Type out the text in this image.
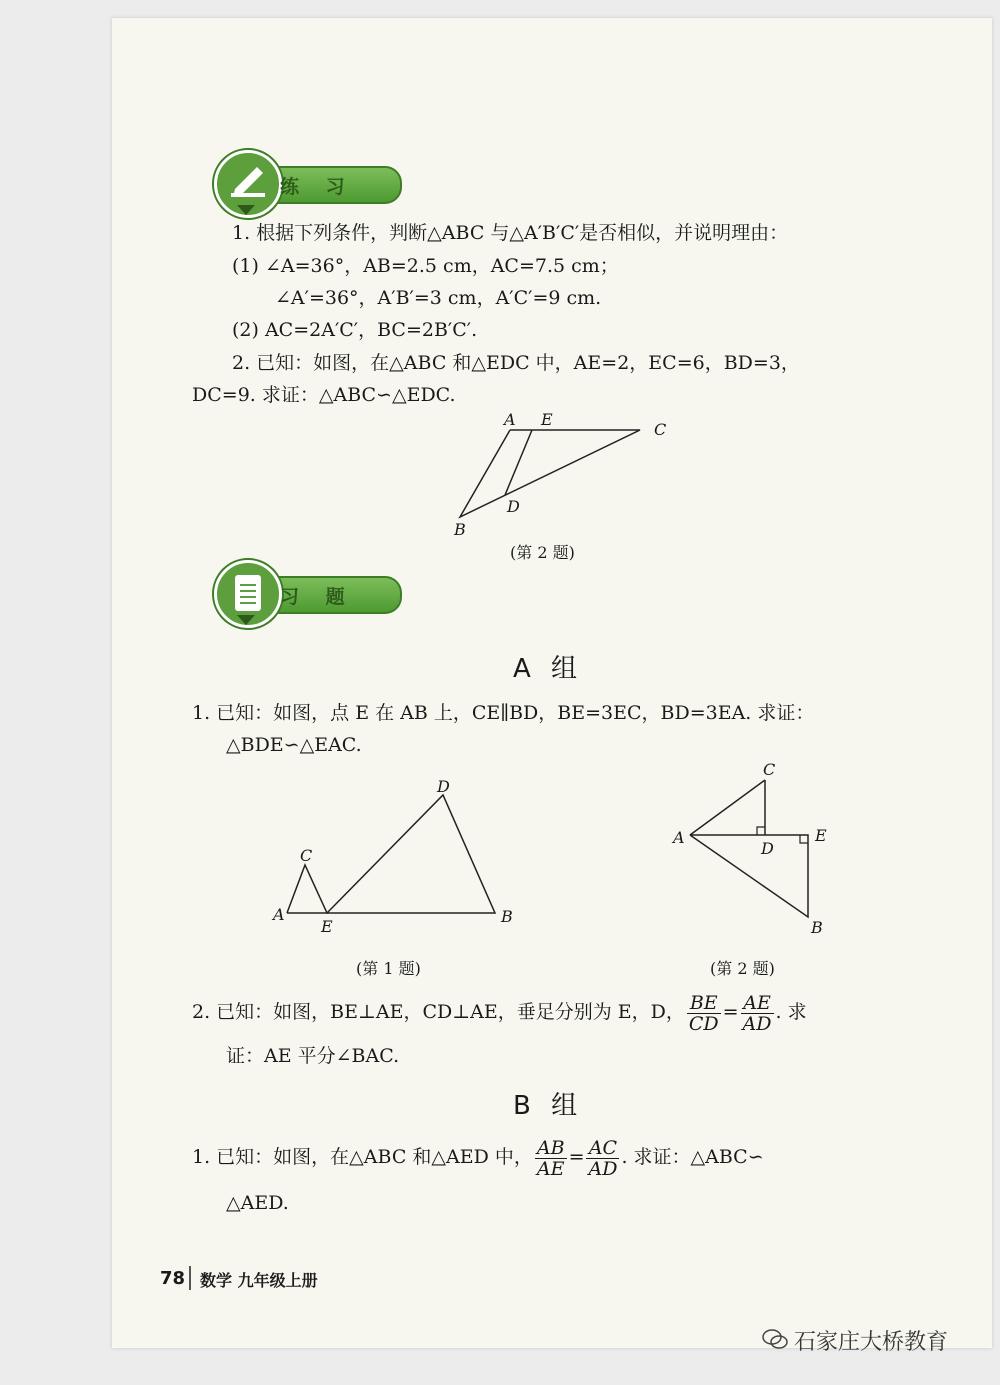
练 习
1. 根据下列条件，判断△ABC 与△A′B′C′是否相似，并说明理由：
(1) ∠A=36°，AB=2.5 cm，AC=7.5 cm；
∠A′=36°，A′B′=3 cm，A′C′=9 cm.
(2) AC=2A′C′，BC=2B′C′.
2. 已知：如图，在△ABC 和△EDC 中，AE=2，EC=6，BD=3，
DC=9. 求证：△ABC∽△EDC.
A E
C
B
D
(第 2 题)
习 题
A 组
1. 已知：如图，点 E 在 AB 上，CE∥BD，BE=3EC，BD=3EA. 求证：
△BDE∽△EAC.
D
C
A
E
B
(第 1 题)
C
A
D
E
B
(第 2 题)
2. 已知：如图，BE⊥AE，CD⊥AE，垂足分别为 E，D， $\frac{BE}{CD} = \frac{AE}{AD}$ . 求
证：AE 平分∠BAC.
B 组
1. 已知：如图，在△ABC 和△AED 中， $\frac{AB}{AE} = \frac{AC}{AD}$ . 求证：△ABC∽
△AED.
78 数学 九年级上册
石家庄大桥教育
